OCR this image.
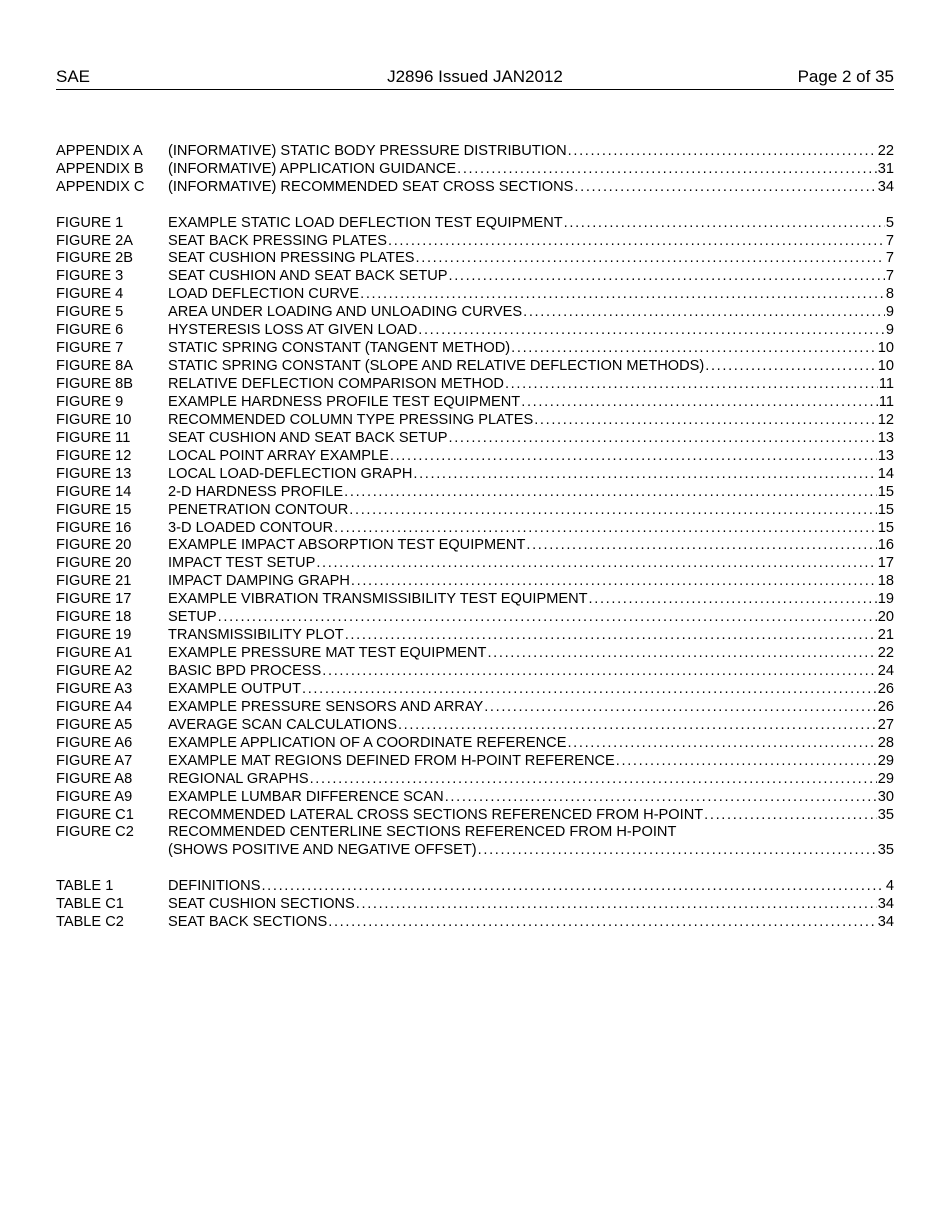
SAE	J2896 Issued JAN2012	Page 2 of 35
APPENDIX A (INFORMATIVE) STATIC BODY PRESSURE DISTRIBUTION . . .	22
APPENDIX B (INFORMATIVE) APPLICATION GUIDANCE . . .	31
APPENDIX C (INFORMATIVE) RECOMMENDED SEAT CROSS SECTIONS . . .	34
FIGURE 1	EXAMPLE STATIC LOAD DEFLECTION TEST EQUIPMENT . . .	5
FIGURE 2A SEAT BACK PRESSING PLATES . . .	7
FIGURE 2B SEAT CUSHION PRESSING PLATES . . .	7
FIGURE 3	SEAT CUSHION AND SEAT BACK SETUP . . .	7
FIGURE 4	LOAD DEFLECTION CURVE . . .	8
FIGURE 5	AREA UNDER LOADING AND UNLOADING CURVES . . .	9
FIGURE 6	HYSTERESIS LOSS AT GIVEN LOAD . . .	9
FIGURE 7	STATIC SPRING CONSTANT (TANGENT METHOD) . . .	10
FIGURE 8A STATIC SPRING CONSTANT (SLOPE AND RELATIVE DEFLECTION METHODS) . . .	10
FIGURE 8B RELATIVE DEFLECTION COMPARISON METHOD . . .	11
FIGURE 9	EXAMPLE HARDNESS PROFILE TEST EQUIPMENT . . .	11
FIGURE 10	RECOMMENDED COLUMN TYPE PRESSING PLATES . . .	12
FIGURE 11	SEAT CUSHION AND SEAT BACK SETUP . . .	13
FIGURE 12	LOCAL POINT ARRAY EXAMPLE . . .	13
FIGURE 13	LOCAL LOAD-DEFLECTION GRAPH . . .	14
FIGURE 14	2-D HARDNESS PROFILE . . .	15
FIGURE 15	PENETRATION CONTOUR . . .	15
FIGURE 16	3-D LOADED CONTOUR . . .	15
FIGURE 20	EXAMPLE IMPACT ABSORPTION TEST EQUIPMENT . . .	16
FIGURE 20	IMPACT TEST SETUP . . .	17
FIGURE 21	IMPACT DAMPING GRAPH . . .	18
FIGURE 17	EXAMPLE VIBRATION TRANSMISSIBILITY TEST EQUIPMENT . . .	19
FIGURE 18	SETUP . . .	20
FIGURE 19	TRANSMISSIBILITY PLOT . . .	21
FIGURE A1 EXAMPLE PRESSURE MAT TEST EQUIPMENT . . .	22
FIGURE A2 BASIC BPD PROCESS . . .	24
FIGURE A3 EXAMPLE OUTPUT . . .	26
FIGURE A4 EXAMPLE PRESSURE SENSORS AND ARRAY . . .	26
FIGURE A5 AVERAGE SCAN CALCULATIONS . . .	27
FIGURE A6 EXAMPLE APPLICATION OF A COORDINATE REFERENCE . . .	28
FIGURE A7 EXAMPLE MAT REGIONS DEFINED FROM H-POINT REFERENCE . . .	29
FIGURE A8 REGIONAL GRAPHS . . .	29
FIGURE A9 EXAMPLE LUMBAR DIFFERENCE SCAN . . .	30
FIGURE C1 RECOMMENDED LATERAL CROSS SECTIONS REFERENCED FROM H-POINT . . .	35
FIGURE C2 RECOMMENDED CENTERLINE SECTIONS REFERENCED FROM H-POINT
(SHOWS POSITIVE AND NEGATIVE OFFSET) . . .	35
TABLE 1	DEFINITIONS . . .	4
TABLE C1	SEAT CUSHION SECTIONS . . .	34
TABLE C2	SEAT BACK SECTIONS . . .	34
